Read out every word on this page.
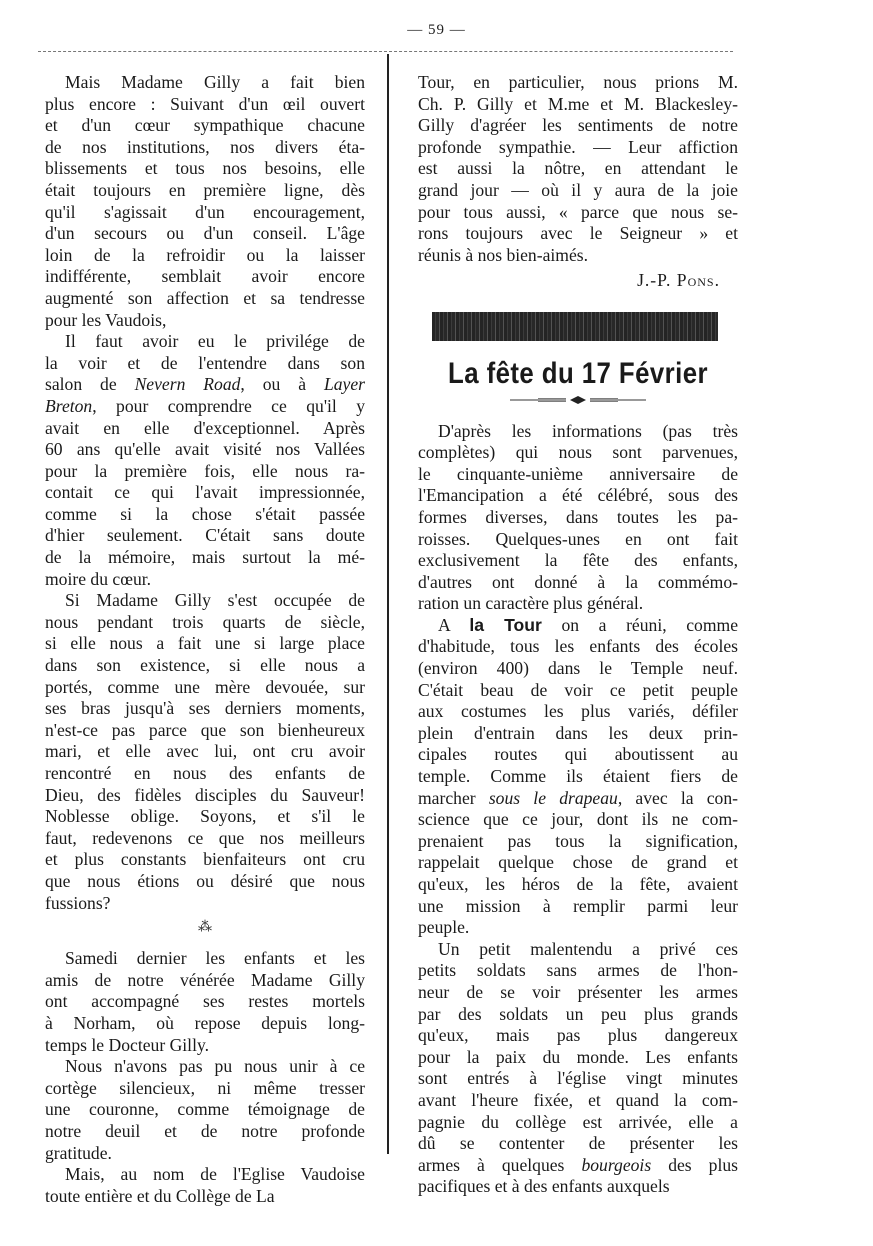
— 59 —

Mais Madame Gilly a fait bien
plus encore : Suivant d'un œil ouvert
et d'un cœur sympathique chacune
de nos institutions, nos divers éta-
blissements et tous nos besoins, elle
était toujours en première ligne, dès
qu'il s'agissait d'un encouragement,
d'un secours ou d'un conseil. L'âge
loin de la refroidir ou la laisser
indifférente, semblait avoir encore
augmenté son affection et sa tendresse
pour les Vaudois,

Il faut avoir eu le privilége de
la voir et de l'entendre dans son
salon de Nevern Road, ou à Layer
Breton, pour comprendre ce qu'il y
avait en elle d'exceptionnel. Après
60 ans qu'elle avait visité nos Vallées
pour la première fois, elle nous ra-
contait ce qui l'avait impressionnée,
comme si la chose s'était passée
d'hier seulement. C'était sans doute
de la mémoire, mais surtout la mé-
moire du cœur.

Si Madame Gilly s'est occupée de
nous pendant trois quarts de siècle,
si elle nous a fait une si large place
dans son existence, si elle nous a
portés, comme une mère devouée, sur
ses bras jusqu'à ses derniers moments,
n'est-ce pas parce que son bienheureux
mari, et elle avec lui, ont cru avoir
rencontré en nous des enfants de
Dieu, des fidèles disciples du Sauveur!
Noblesse oblige. Soyons, et s'il le
faut, redevenons ce que nos meilleurs
et plus constants bienfaiteurs ont cru
que nous étions ou désiré que nous
fussions?

⁂

Samedi dernier les enfants et les
amis de notre vénérée Madame Gilly
ont accompagné ses restes mortels
à Norham, où repose depuis long-
temps le Docteur Gilly.

Nous n'avons pas pu nous unir à ce
cortège silencieux, ni même tresser
une couronne, comme témoignage de
notre deuil et de notre profonde
gratitude.

Mais, au nom de l'Eglise Vaudoise
toute entière et du Collège de La

Tour, en particulier, nous prions M.
Ch. P. Gilly et M.me et M. Blackesley-
Gilly d'agréer les sentiments de notre
profonde sympathie. — Leur affiction
est aussi la nôtre, en attendant le
grand jour — où il y aura de la joie
pour tous aussi, « parce que nous se-
rons toujours avec le Seigneur » et
réunis à nos bien-aimés.

J.-P. Pons.
La fête du 17 Février

D'après les informations (pas très
complètes) qui nous sont parvenues,
le cinquante-unième anniversaire de
l'Emancipation a été célébré, sous des
formes diverses, dans toutes les pa-
roisses. Quelques-unes en ont fait
exclusivement la fête des enfants,
d'autres ont donné à la commémo-
ration un caractère plus général.

A la Tour on a réuni, comme
d'habitude, tous les enfants des écoles
(environ 400) dans le Temple neuf.
C'était beau de voir ce petit peuple
aux costumes les plus variés, défiler
plein d'entrain dans les deux prin-
cipales routes qui aboutissent au
temple. Comme ils étaient fiers de
marcher sous le drapeau, avec la con-
science que ce jour, dont ils ne com-
prenaient pas tous la signification,
rappelait quelque chose de grand et
qu'eux, les héros de la fête, avaient
une mission à remplir parmi leur
peuple.

Un petit malentendu a privé ces
petits soldats sans armes de l'hon-
neur de se voir présenter les armes
par des soldats un peu plus grands
qu'eux, mais pas plus dangereux
pour la paix du monde. Les enfants
sont entrés à l'église vingt minutes
avant l'heure fixée, et quand la com-
pagnie du collège est arrivée, elle a
dû se contenter de présenter les
armes à quelques bourgeois des plus
pacifiques et à des enfants auxquels
